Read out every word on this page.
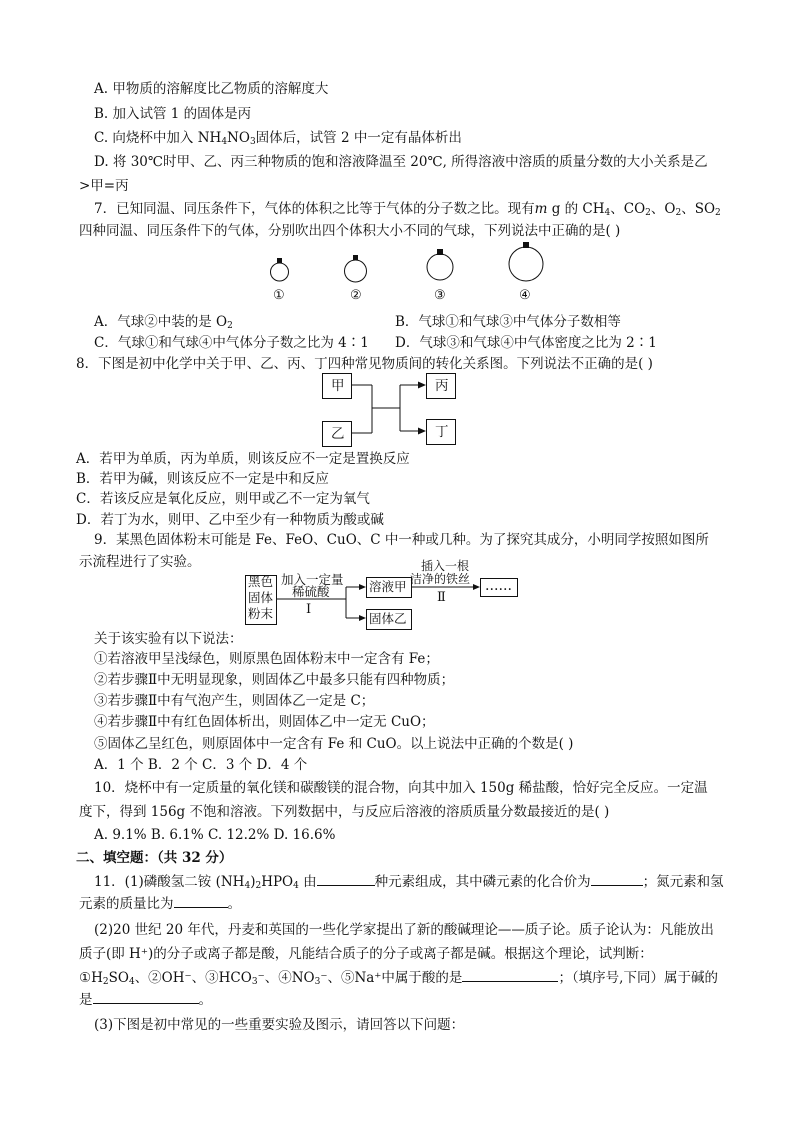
A. 甲物质的溶解度比乙物质的溶解度大
B. 加入试管 1 的固体是丙
C. 向烧杯中加入 $NH_4NO_3$固体后，试管 2 中一定有晶体析出
D. 将 30℃时甲、乙、丙三种物质的饱和溶液降温至 20℃, 所得溶液中溶质的质量分数的大小关系是乙
>甲=丙
7．已知同温、同压条件下，气体的体积之比等于气体的分子数之比。现有m g 的 $CH_4$、$CO_2$、$O_2$、$SO_2$
四种同温、同压条件下的气体，分别吹出四个体积大小不同的气球，下列说法中正确的是( )
①	②	③	④
A．气球②中装的是 $O_2$	B．气球①和气球③中气体分子数相等
C．气球①和气球④中气体分子数之比为 4∶1 D．气球③和气球④中气体密度之比为 2∶1
8．下图是初中化学中关于甲、乙、丙、丁四种常见物质间的转化关系图。下列说法不正确的是( )
甲
乙
丙
丁
A．若甲为单质，丙为单质，则该反应不一定是置换反应
B．若甲为碱，则该反应不一定是中和反应
C．若该反应是氧化反应，则甲或乙不一定为氧气
D．若丁为水，则甲、乙中至少有一种物质为酸或碱
9．某黑色固体粉末可能是 Fe、FeO、CuO、C 中一种或几种。为了探究其成分，小明同学按照如图所
示流程进行了实验。
黑色
固体
粉末
加入一定量
稀硫酸
Ⅰ
溶液甲
固体乙
插入一根
洁净的铁丝
Ⅱ
……
关于该实验有以下说法：
①若溶液甲呈浅绿色，则原黑色固体粉末中一定含有 Fe；
②若步骤Ⅱ中无明显现象，则固体乙中最多只能有四种物质；
③若步骤Ⅱ中有气泡产生，则固体乙一定是 C；
④若步骤Ⅱ中有红色固体析出，则固体乙中一定无 CuO；
⑤固体乙呈红色，则原固体中一定含有 Fe 和 CuO。以上说法中正确的个数是( )
A．1 个 B．2 个 C．3 个 D．4 个
10．烧杯中有一定质量的氧化镁和碳酸镁的混合物，向其中加入 150g 稀盐酸，恰好完全反应。一定温
度下，得到 156g 不饱和溶液。下列数据中，与反应后溶液的溶质质量分数最接近的是( )
A. 9.1% B. 6.1% C. 12.2% D. 16.6%
二、填空题：（共 32 分）
11．(1)磷酸氢二铵 $(NH_4)_2HPO_4$ 由	种元素组成，其中磷元素的化合价为	；氮元素和氢
元素的质量比为	。
(2)20 世纪 20 年代，丹麦和英国的一些化学家提出了新的酸碱理论——质子论。质子论认为：凡能放出
质子(即 H⁺)的分子或离子都是酸，凡能结合质子的分子或离子都是碱。根据这个理论，试判断：
$①H_2SO_4$、②OH⁻、$③HCO_3^-$、$④NO_3^-$、⑤Na⁺中属于酸的是	；（填序号,下同）属于碱的
是	。
(3)下图是初中常见的一些重要实验及图示，请回答以下问题：
